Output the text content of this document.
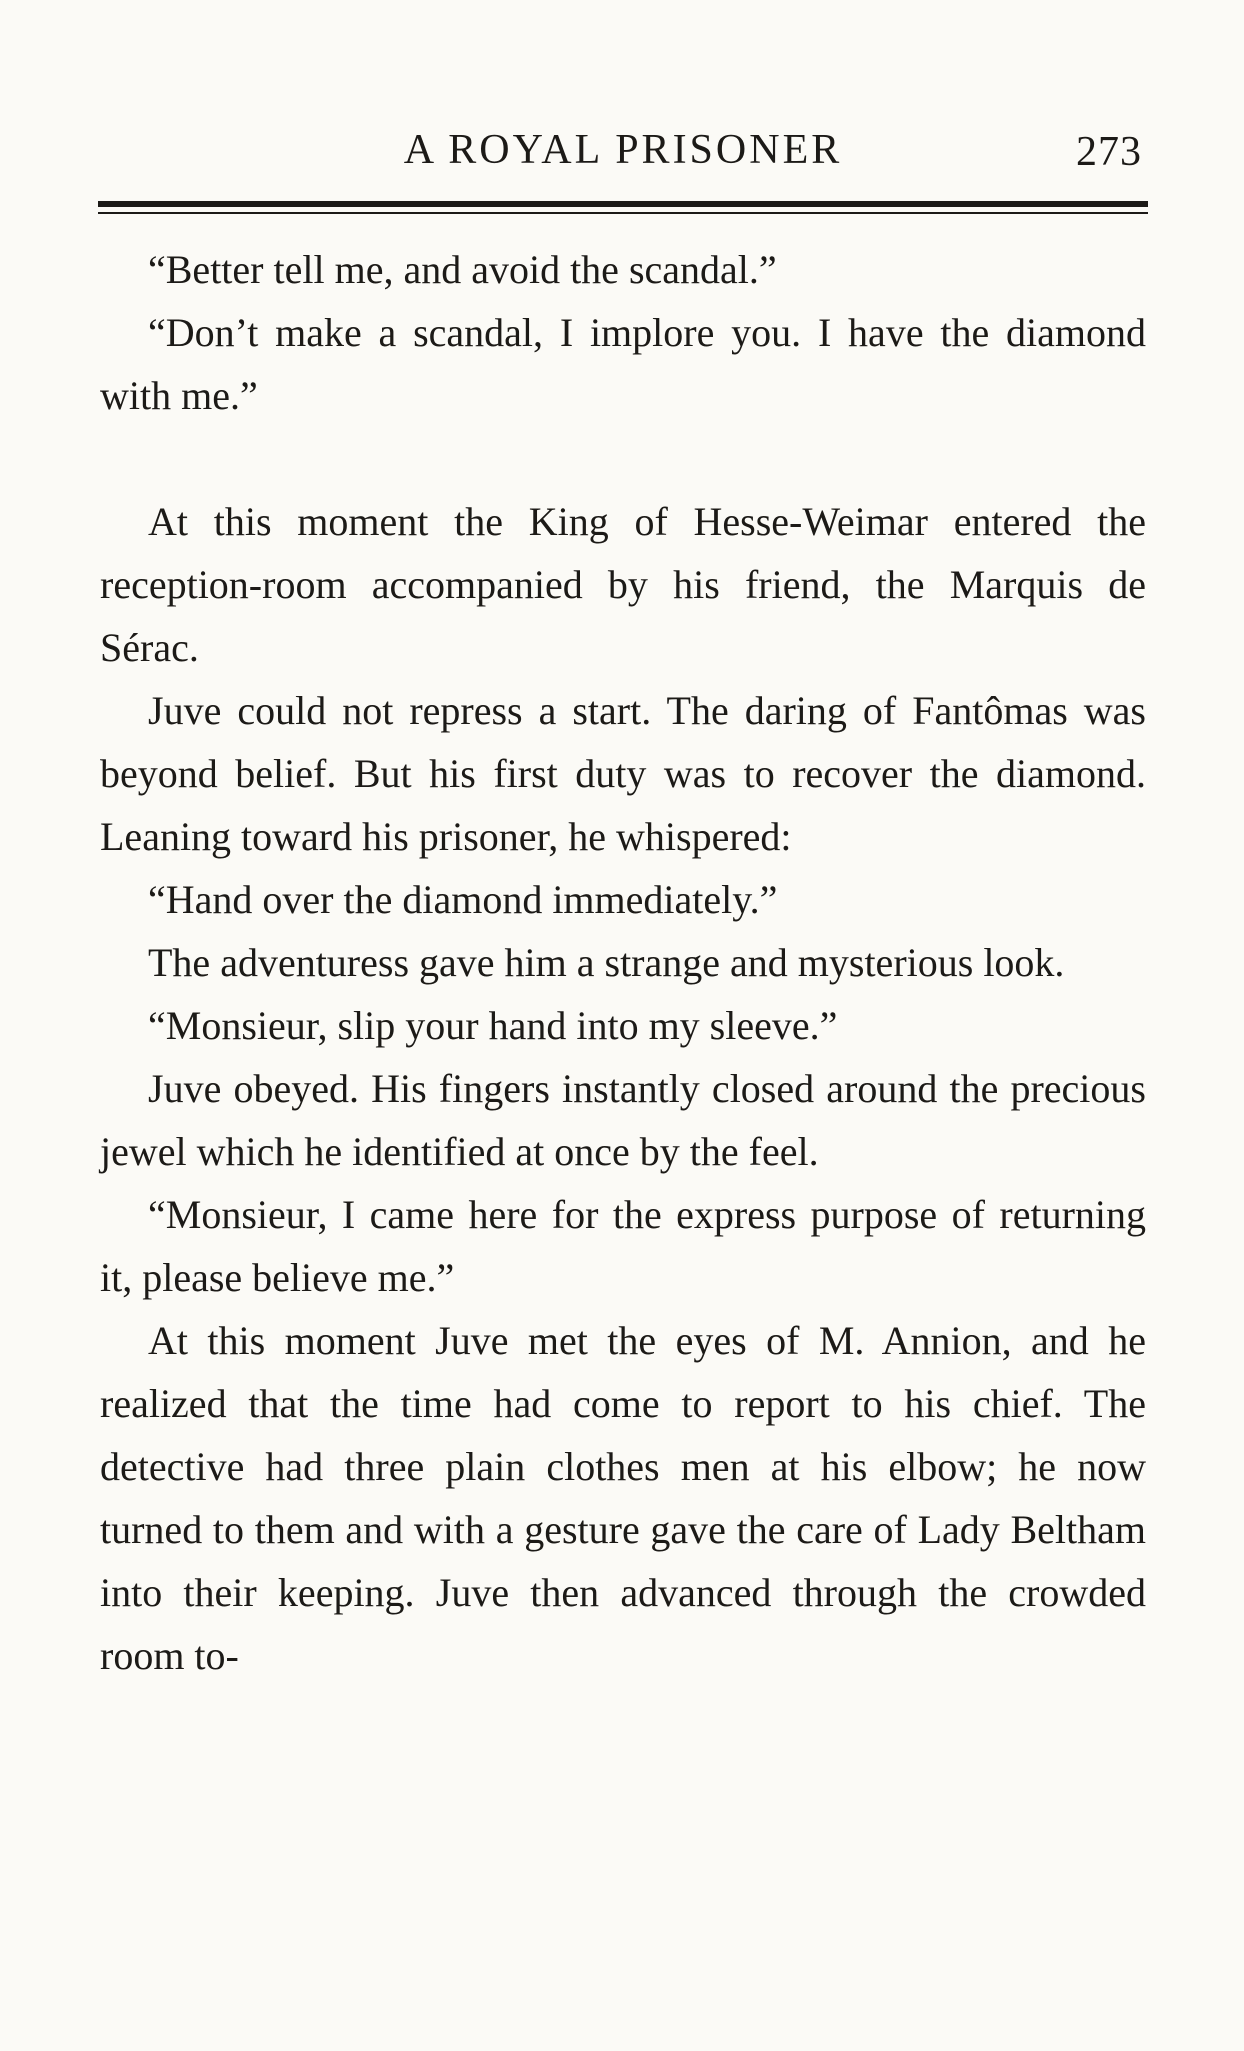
A ROYAL PRISONER	273

“Better tell me, and avoid the scandal.”

“Don’t make a scandal, I implore you. I have the diamond with me.”

At this moment the King of Hesse-Weimar entered the reception-room accompanied by his friend, the Marquis de Sérac.

Juve could not repress a start. The daring of Fantômas was beyond belief. But his first duty was to recover the diamond. Leaning toward his prisoner, he whispered:

“Hand over the diamond immediately.”

The adventuress gave him a strange and mysterious look.

“Monsieur, slip your hand into my sleeve.”

Juve obeyed. His fingers instantly closed around the precious jewel which he identified at once by the feel.

“Monsieur, I came here for the express purpose of returning it, please believe me.”

At this moment Juve met the eyes of M. Annion, and he realized that the time had come to report to his chief. The detective had three plain clothes men at his elbow; he now turned to them and with a gesture gave the care of Lady Beltham into their keeping. Juve then advanced through the crowded room to-
